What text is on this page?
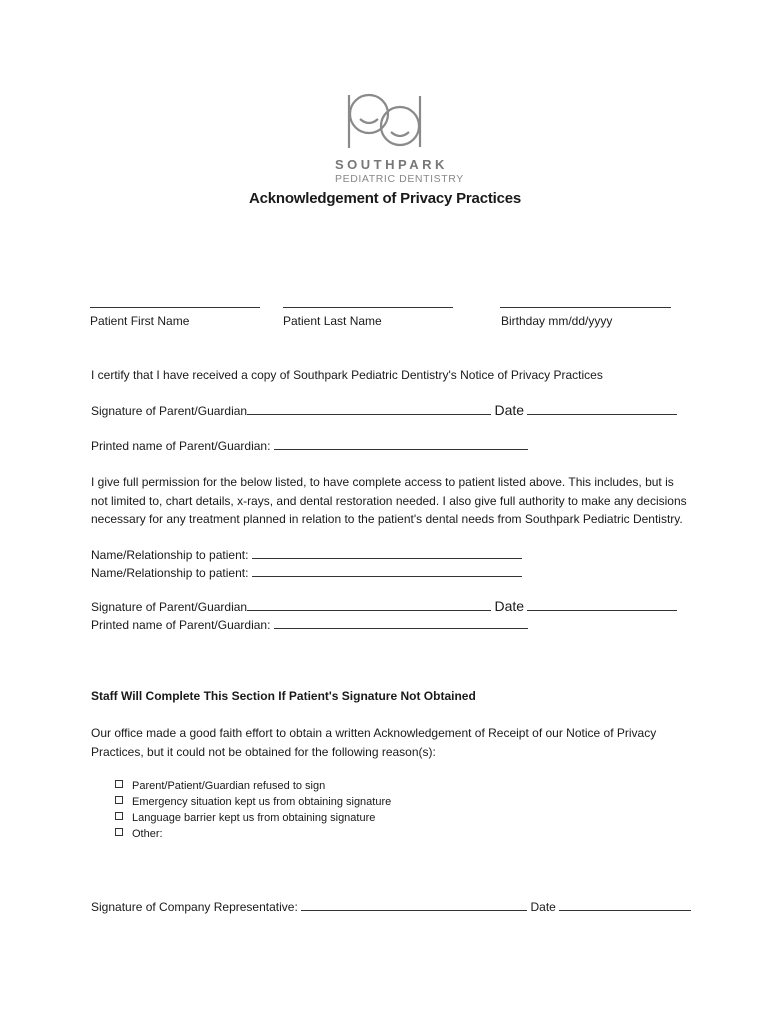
SOUTHPARK
PEDIATRIC DENTISTRY
Acknowledgement of Privacy Practices
Patient First Name	Patient Last Name	Birthday mm/dd/yyyy
I certify that I have received a copy of Southpark Pediatric Dentistry's Notice of Privacy Practices
Signature of Parent/Guardian	Date
Printed name of Parent/Guardian:
I give full permission for the below listed, to have complete access to patient listed above. This includes, but is not limited to, chart details, x-rays, and dental restoration needed. I also give full authority to make any decisions necessary for any treatment planned in relation to the patient's dental needs from Southpark Pediatric Dentistry.
Name/Relationship to patient:
Name/Relationship to patient:
Signature of Parent/Guardian	Date
Printed name of Parent/Guardian:
Staff Will Complete This Section If Patient's Signature Not Obtained
Our office made a good faith effort to obtain a written Acknowledgement of Receipt of our Notice of Privacy Practices, but it could not be obtained for the following reason(s):
Parent/Patient/Guardian refused to sign
Emergency situation kept us from obtaining signature
Language barrier kept us from obtaining signature
Other:
Signature of Company Representative:	Date
